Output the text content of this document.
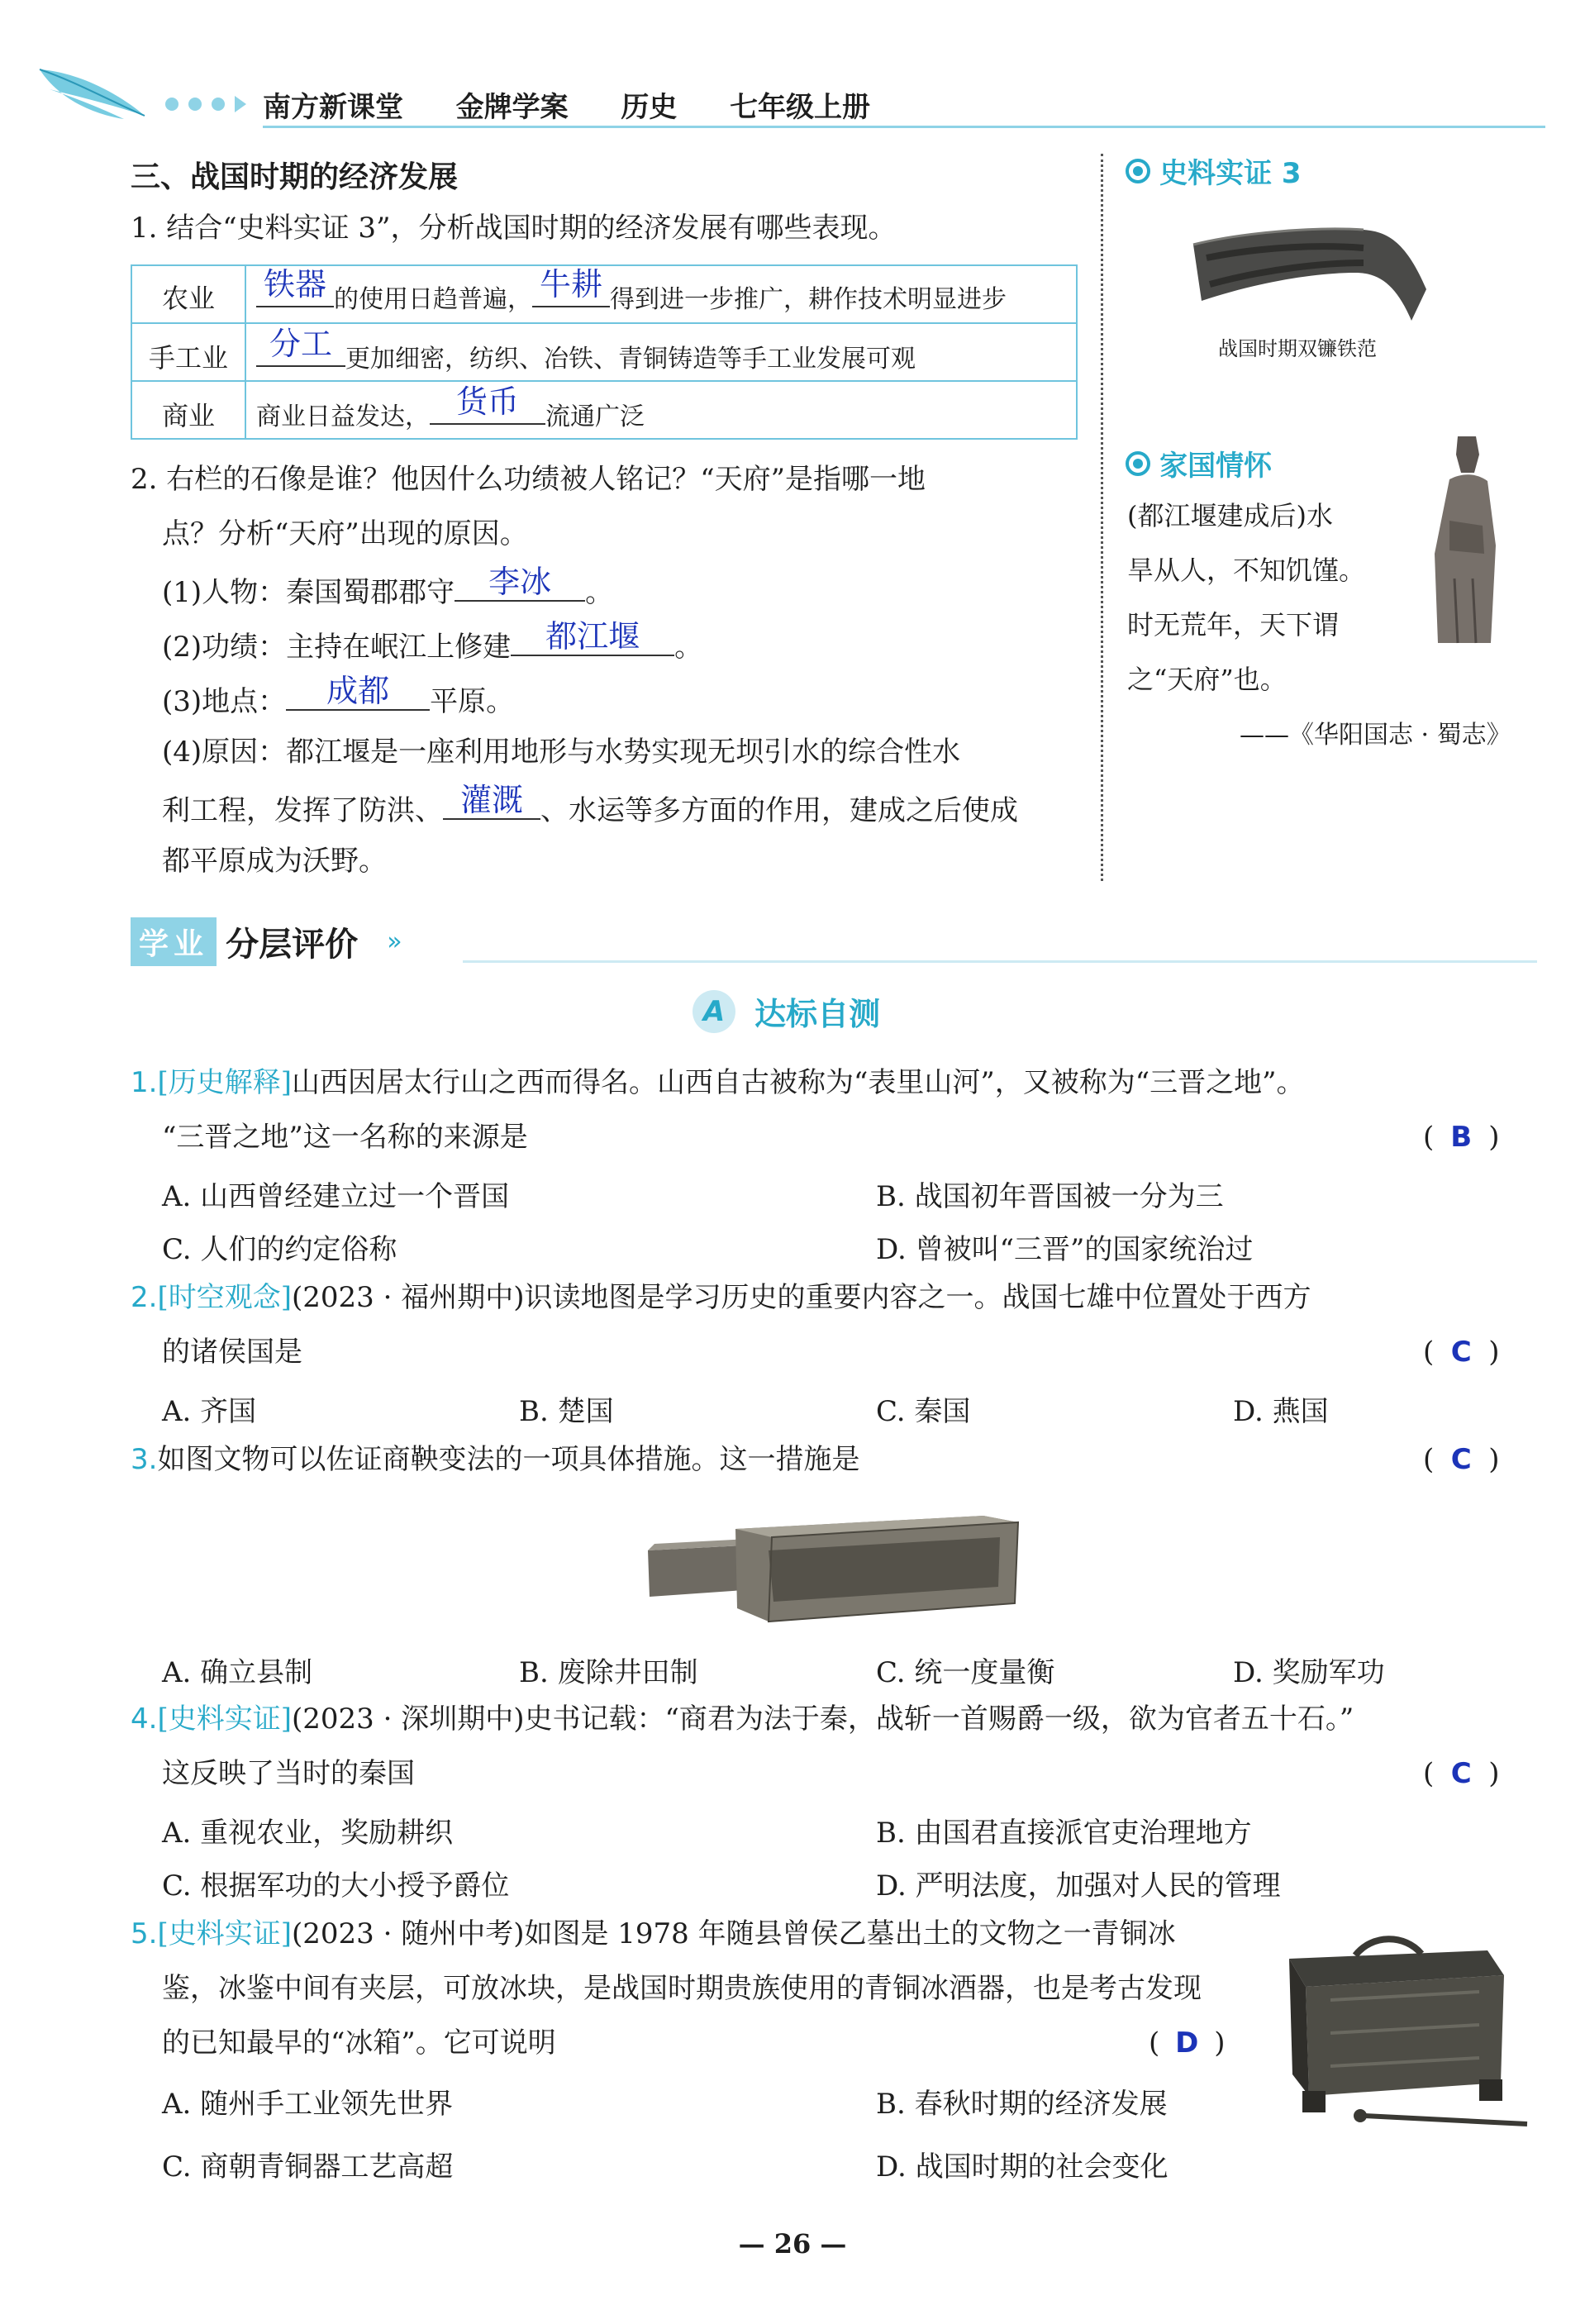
南方新课堂 金牌学案 历史 七年级上册
三、战国时期的经济发展
1. 结合“史料实证 3”，分析战国时期的经济发展有哪些表现。
农业	铁器 的使用日趋普遍， 牛耕 得到进一步推广，耕作技术明显进步
手工业	分工 更加细密，纺织、冶铁、青铜铸造等手工业发展可观
商业	商业日益发达， 货币	流通广泛
2. 右栏的石像是谁？他因什么功绩被人铭记？“天府”是指哪一地
点？分析“天府”出现的原因。
(1)人物：秦国蜀郡郡守	李冰	。
(2)功绩：主持在岷江上修建	都江堰	。
(3)地点：	成都	平原。
(4)原因：都江堰是一座利用地形与水势实现无坝引水的综合性水
利工程，发挥了防洪、 灌溉 、水运等多方面的作用，建成之后使成
都平原成为沃野。
史料实证 3
战国时期双镰铁范
家国情怀
(都江堰建成后)水
旱从人，不知饥馑。
时无荒年，天下谓
之“天府”也。
——《华阳国志 · 蜀志》
学业 分层评价 »
A 达标自测
1.[历史解释]山西因居太行山之西而得名。山西自古被称为“表里山河”，又被称为“三晋之地”。
“三晋之地”这一名称的来源是	( B )
A. 山西曾经建立过一个晋国	B. 战国初年晋国被一分为三
C. 人们的约定俗称	D. 曾被叫“三晋”的国家统治过
2.[时空观念](2023 · 福州期中)识读地图是学习历史的重要内容之一。战国七雄中位置处于西方
的诸侯国是	( C )
A. 齐国	B. 楚国	C. 秦国	D. 燕国
3.如图文物可以佐证商鞅变法的一项具体措施。这一措施是	( C )
A. 确立县制	B. 废除井田制	C. 统一度量衡	D. 奖励军功
4.[史料实证](2023 · 深圳期中)史书记载：“商君为法于秦，战斩一首赐爵一级，欲为官者五十石。”
这反映了当时的秦国	( C )
A. 重视农业，奖励耕织	B. 由国君直接派官吏治理地方
C. 根据军功的大小授予爵位	D. 严明法度，加强对人民的管理
5.[史料实证](2023 · 随州中考)如图是 1978 年随县曾侯乙墓出土的文物之一青铜冰
鉴，冰鉴中间有夹层，可放冰块，是战国时期贵族使用的青铜冰酒器，也是考古发现
的已知最早的“冰箱”。它可说明	( D )
A. 随州手工业领先世界	B. 春秋时期的经济发展
C. 商朝青铜器工艺高超	D. 战国时期的社会变化
— 26 —
